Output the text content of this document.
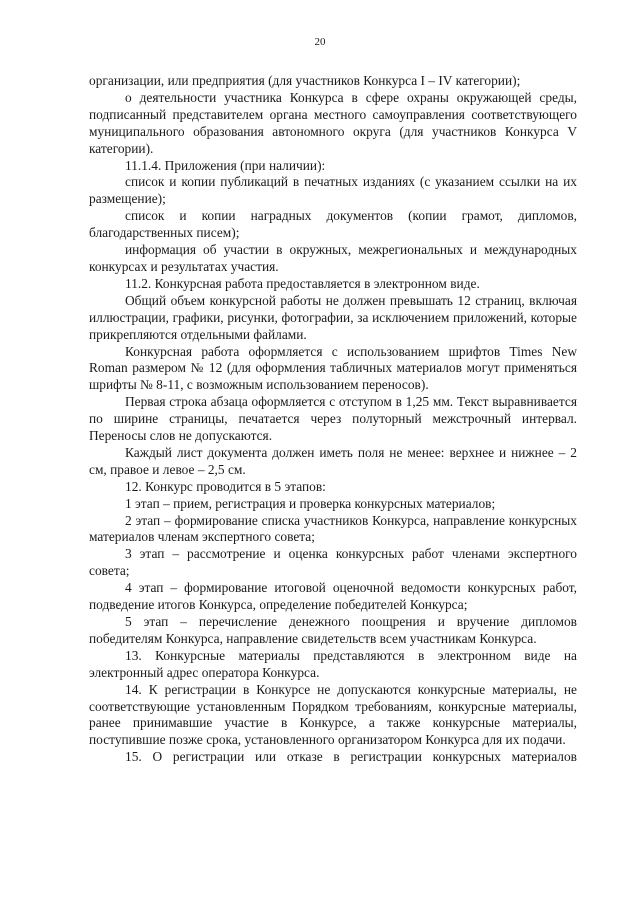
20

организации, или предприятия (для участников Конкурса I – IV категории);

о деятельности участника Конкурса в сфере охраны окружающей среды, подписанный представителем органа местного самоуправления соответствующего муниципального образования автономного округа (для участников Конкурса V категории).

11.1.4. Приложения (при наличии):

список и копии публикаций в печатных изданиях (с указанием ссылки на их размещение);

список и копии наградных документов (копии грамот, дипломов, благодарственных писем);

информация об участии в окружных, межрегиональных и международных конкурсах и результатах участия.

11.2. Конкурсная работа предоставляется в электронном виде.

Общий объем конкурсной работы не должен превышать 12 страниц, включая иллюстрации, графики, рисунки, фотографии, за исключением приложений, которые прикрепляются отдельными файлами.

Конкурсная работа оформляется с использованием шрифтов Times New Roman размером № 12 (для оформления табличных материалов могут применяться шрифты № 8-11, с возможным использованием переносов).

Первая строка абзаца оформляется с отступом в 1,25 мм. Текст выравнивается по ширине страницы, печатается через полуторный межстрочный интервал. Переносы слов не допускаются.

Каждый лист документа должен иметь поля не менее: верхнее и нижнее – 2 см, правое и левое – 2,5 см.

12. Конкурс проводится в 5 этапов:

1 этап – прием, регистрация и проверка конкурсных материалов;

2 этап – формирование списка участников Конкурса, направление конкурсных материалов членам экспертного совета;

3 этап – рассмотрение и оценка конкурсных работ членами экспертного совета;

4 этап – формирование итоговой оценочной ведомости конкурсных работ, подведение итогов Конкурса, определение победителей Конкурса;

5 этап – перечисление денежного поощрения и вручение дипломов победителям Конкурса, направление свидетельств всем участникам Конкурса.

13. Конкурсные материалы представляются в электронном виде на электронный адрес оператора Конкурса.

14. К регистрации в Конкурсе не допускаются конкурсные материалы, не соответствующие установленным Порядком требованиям, конкурсные материалы, ранее принимавшие участие в Конкурсе, а также конкурсные материалы, поступившие позже срока, установленного организатором Конкурса для их подачи.

15. О регистрации или отказе в регистрации конкурсных материалов
